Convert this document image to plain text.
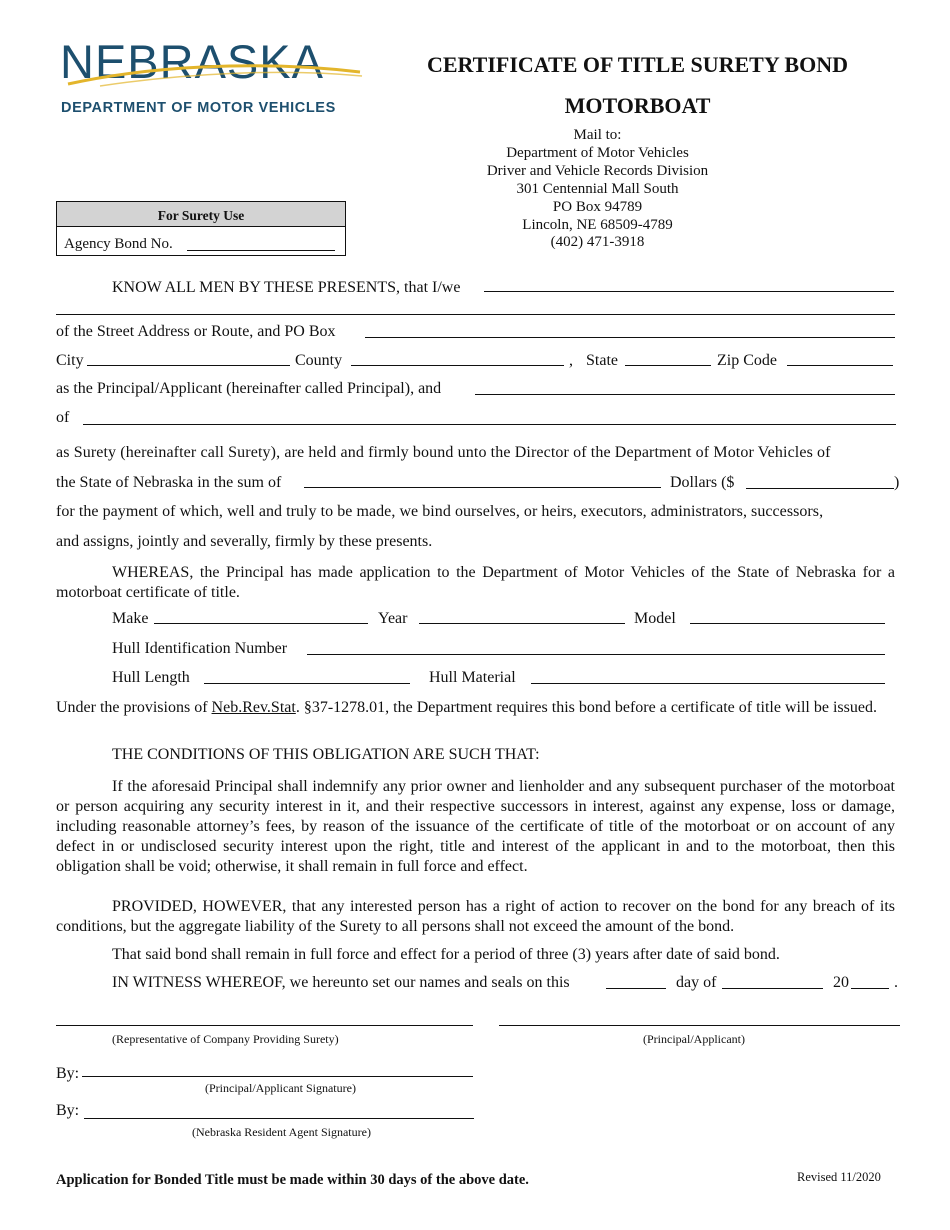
NEBRASKA
DEPARTMENT OF MOTOR VEHICLES
CERTIFICATE OF TITLE SURETY BOND
MOTORBOAT
Mail to:
Department of Motor Vehicles
Driver and Vehicle Records Division
301 Centennial Mall South
PO Box 94789
Lincoln, NE 68509-4789
(402) 471-3918
For Surety Use
Agency Bond No.
KNOW ALL MEN BY THESE PRESENTS, that I/we
of the Street Address or Route, and PO Box
City	County	, State	Zip Code
as the Principal/Applicant (hereinafter called Principal), and
of
as Surety (hereinafter call Surety), are held and firmly bound unto the Director of the Department of Motor Vehicles of
the State of Nebraska in the sum of	Dollars ($	)
for the payment of which, well and truly to be made, we bind ourselves, or heirs, executors, administrators, successors,
and assigns, jointly and severally, firmly by these presents.
WHEREAS, the Principal has made application to the Department of Motor Vehicles of the State of Nebraska for a motorboat certificate of title.
Make	Year	Model
Hull Identification Number
Hull Length	Hull Material
Under the provisions of Neb.Rev.Stat. §37-1278.01, the Department requires this bond before a certificate of title will be issued.
THE CONDITIONS OF THIS OBLIGATION ARE SUCH THAT:
If the aforesaid Principal shall indemnify any prior owner and lienholder and any subsequent purchaser of the motorboat or person acquiring any security interest in it, and their respective successors in interest, against any expense, loss or damage, including reasonable attorney’s fees, by reason of the issuance of the certificate of title of the motorboat or on account of any defect in or undisclosed security interest upon the right, title and interest of the applicant in and to the motorboat, then this obligation shall be void; otherwise, it shall remain in full force and effect.
PROVIDED, HOWEVER, that any interested person has a right of action to recover on the bond for any breach of its conditions, but the aggregate liability of the Surety to all persons shall not exceed the amount of the bond.
That said bond shall remain in full force and effect for a period of three (3) years after date of said bond.
IN WITNESS WHEREOF, we hereunto set our names and seals on this	day of	20	.
(Representative of Company Providing Surety)	(Principal/Applicant)
By:
(Principal/Applicant Signature)
By:
(Nebraska Resident Agent Signature)
Application for Bonded Title must be made within 30 days of the above date.	Revised 11/2020
